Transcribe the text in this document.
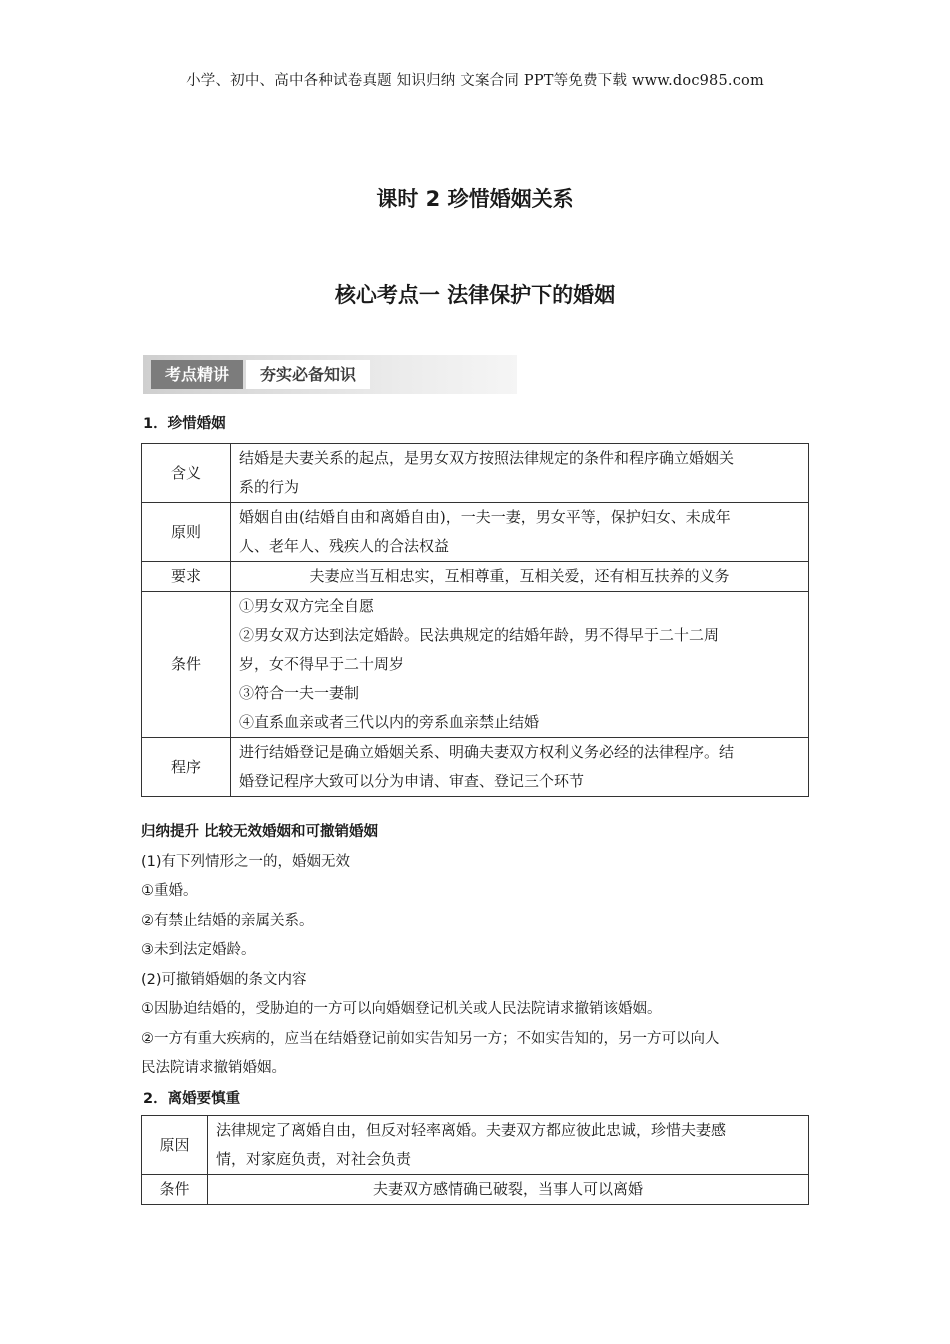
小学、初中、高中各种试卷真题 知识归纳 文案合同 PPT等免费下载 www.doc985.com
课时 2 珍惜婚姻关系
核心考点一 法律保护下的婚姻
考点精讲	夯实必备知识
1．珍惜婚姻
含义	结婚是夫妻关系的起点，是男女双方按照法律规定的条件和程序确立婚姻关
系的行为

原则	婚姻自由(结婚自由和离婚自由)，一夫一妻，男女平等，保护妇女、未成年
人、老年人、残疾人的合法权益

要求	夫妻应当互相忠实，互相尊重，互相关爱，还有相互扶养的义务

条件	①男女双方完全自愿
②男女双方达到法定婚龄。民法典规定的结婚年龄，男不得早于二十二周
岁，女不得早于二十周岁
③符合一夫一妻制
④直系血亲或者三代以内的旁系血亲禁止结婚

程序	进行结婚登记是确立婚姻关系、明确夫妻双方权利义务必经的法律程序。结
婚登记程序大致可以分为申请、审查、登记三个环节
归纳提升 比较无效婚姻和可撤销婚姻
(1)有下列情形之一的，婚姻无效
①重婚。
②有禁止结婚的亲属关系。
③未到法定婚龄。
(2)可撤销婚姻的条文内容
①因胁迫结婚的，受胁迫的一方可以向婚姻登记机关或人民法院请求撤销该婚姻。
②一方有重大疾病的，应当在结婚登记前如实告知另一方；不如实告知的，另一方可以向人
民法院请求撤销婚姻。
2．离婚要慎重
原因	法律规定了离婚自由，但反对轻率离婚。夫妻双方都应彼此忠诚，珍惜夫妻感
情，对家庭负责，对社会负责

条件	夫妻双方感情确已破裂，当事人可以离婚
